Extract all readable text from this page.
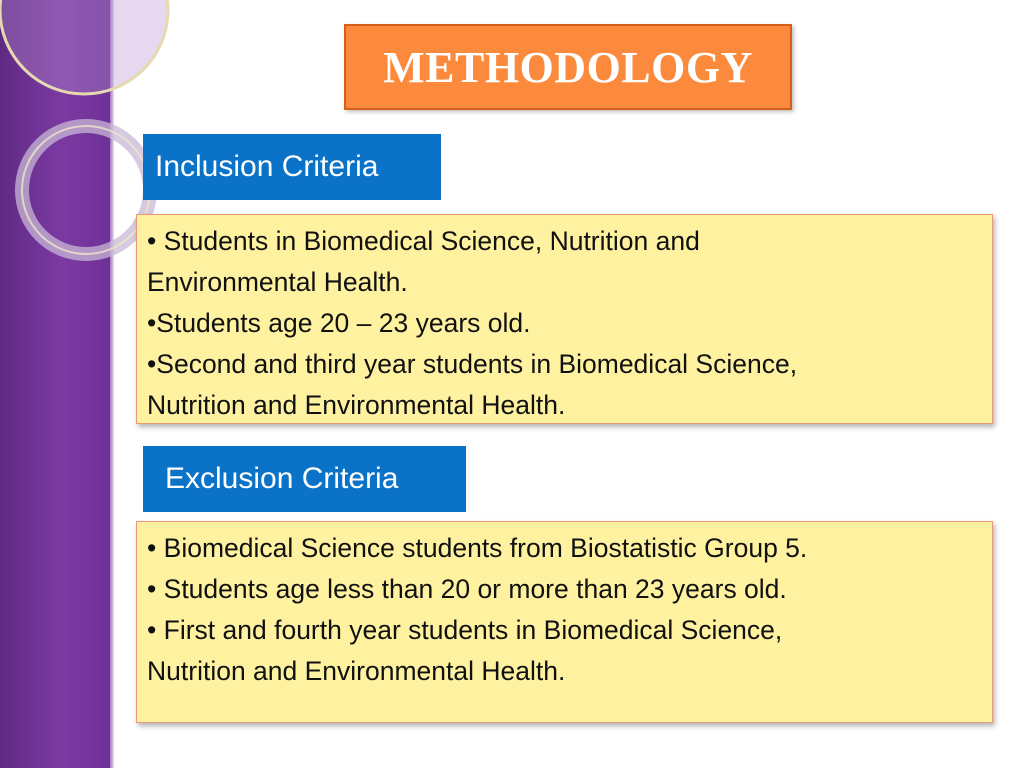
METHODOLOGY
Inclusion Criteria
• Students in Biomedical Science, Nutrition and
Environmental Health.
•Students age 20 – 23 years old.
•Second and third year students in Biomedical Science,
Nutrition and Environmental Health.
Exclusion Criteria
• Biomedical Science students from Biostatistic Group 5.
• Students age less than 20 or more than 23 years old.
• First and fourth year students in Biomedical Science,
Nutrition and Environmental Health.
